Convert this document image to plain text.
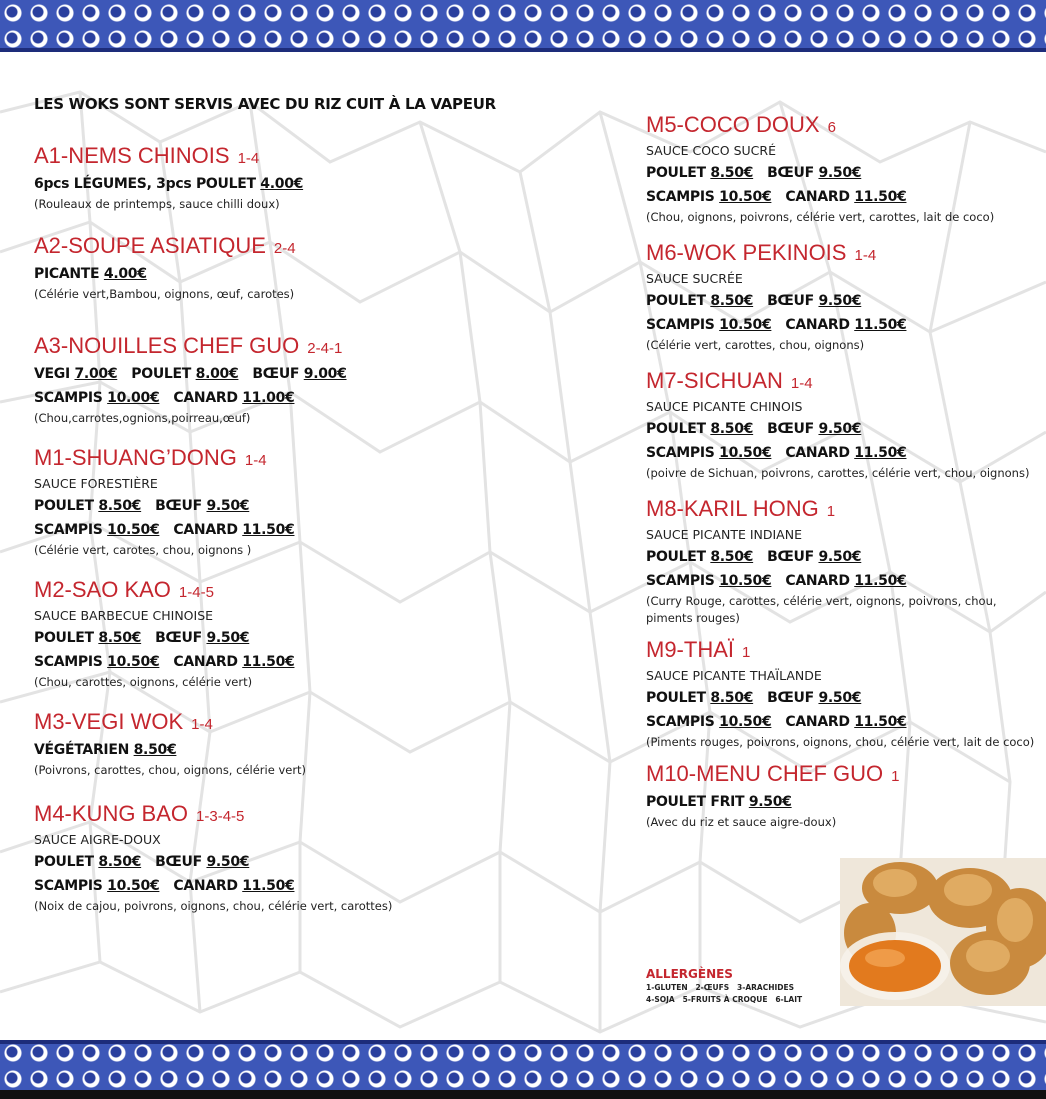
LES WOKS SONT SERVIS AVEC DU RIZ CUIT À LA VAPEUR
A1-NEMS CHINOIS 1-4
6pcs LÉGUMES, 3pcs POULET 4.00€
(Rouleaux de printemps, sauce chilli doux)
A2-SOUPE ASIATIQUE 2-4
PICANTE 4.00€
(Célérie vert,Bambou, oignons, œuf, carotes)
A3-NOUILLES CHEF GUO 2-4-1
VEGI 7.00€ POULET 8.00€ BŒUF 9.00€
SCAMPIS 10.00€ CANARD 11.00€
(Chou,carrotes,ognions,poirreau,œuf)
M1-SHUANG’DONG 1-4
SAUCE FORESTIÈRE
POULET 8.50€ BŒUF 9.50€
SCAMPIS 10.50€ CANARD 11.50€
(Célérie vert, carotes, chou, oignons )
M2-SAO KAO 1-4-5
SAUCE BARBECUE CHINOISE
POULET 8.50€ BŒUF 9.50€
SCAMPIS 10.50€ CANARD 11.50€
(Chou, carottes, oignons, célérie vert)
M3-VEGI WOK 1-4
VÉGÉTARIEN 8.50€
(Poivrons, carottes, chou, oignons, célérie vert)
M4-KUNG BAO 1-3-4-5
SAUCE AIGRE-DOUX
POULET 8.50€ BŒUF 9.50€
SCAMPIS 10.50€ CANARD 11.50€
(Noix de cajou, poivrons, oignons, chou, célérie vert, carottes)
M5-COCO DOUX 6
SAUCE COCO SUCRÉ
POULET 8.50€ BŒUF 9.50€
SCAMPIS 10.50€ CANARD 11.50€
(Chou, oignons, poivrons, célérie vert, carottes, lait de coco)
M6-WOK PEKINOIS 1-4
SAUCE SUCRÉE
POULET 8.50€ BŒUF 9.50€
SCAMPIS 10.50€ CANARD 11.50€
(Célérie vert, carottes, chou, oignons)
M7-SICHUAN 1-4
SAUCE PICANTE CHINOIS
POULET 8.50€ BŒUF 9.50€
SCAMPIS 10.50€ CANARD 11.50€
(poivre de Sichuan, poivrons, carottes, célérie vert, chou, oignons)
M8-KARIL HONG 1
SAUCE PICANTE INDIANE
POULET 8.50€ BŒUF 9.50€
SCAMPIS 10.50€ CANARD 11.50€
(Curry Rouge, carottes, célérie vert, oignons, poivrons, chou, piments rouges)
M9-THAÏ 1
SAUCE PICANTE THAÏLANDE
POULET 8.50€ BŒUF 9.50€
SCAMPIS 10.50€ CANARD 11.50€
(Piments rouges, poivrons, oignons, chou, célérie vert, lait de coco)
M10-MENU CHEF GUO 1
POULET FRIT 9.50€
(Avec du riz et sauce aigre-doux)
ALLERGÈNES
1-GLUTEN 2-ŒUFS 3-ARACHIDES
4-SOJA 5-FRUITS À CROQUE 6-LAIT
